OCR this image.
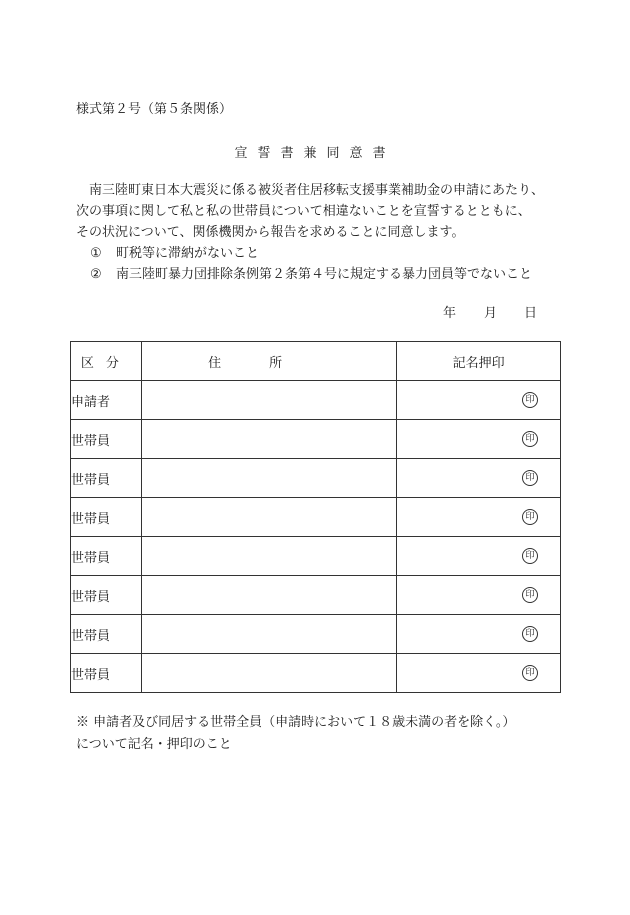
様式第２号（第５条関係）
宣誓書兼同意書

南三陸町東日本大震災に係る被災者住居移転支援事業補助金の申請にあたり、

次の事項に関して私と私の世帯員について相違ないことを宣誓するとともに、

その状況について、関係機関から報告を求めることに同意します。

① 町税等に滞納がないこと

② 南三陸町暴力団排除条例第２条第４号に規定する暴力団員等でないこと

年 月 日
区分	住所	記名押印
申請者		印

世帯員		印

世帯員		印

世帯員		印

世帯員		印

世帯員		印

世帯員		印

世帯員		印

※ 申請者及び同居する世帯全員（申請時において１８歳未満の者を除く。）

について記名・押印のこと
